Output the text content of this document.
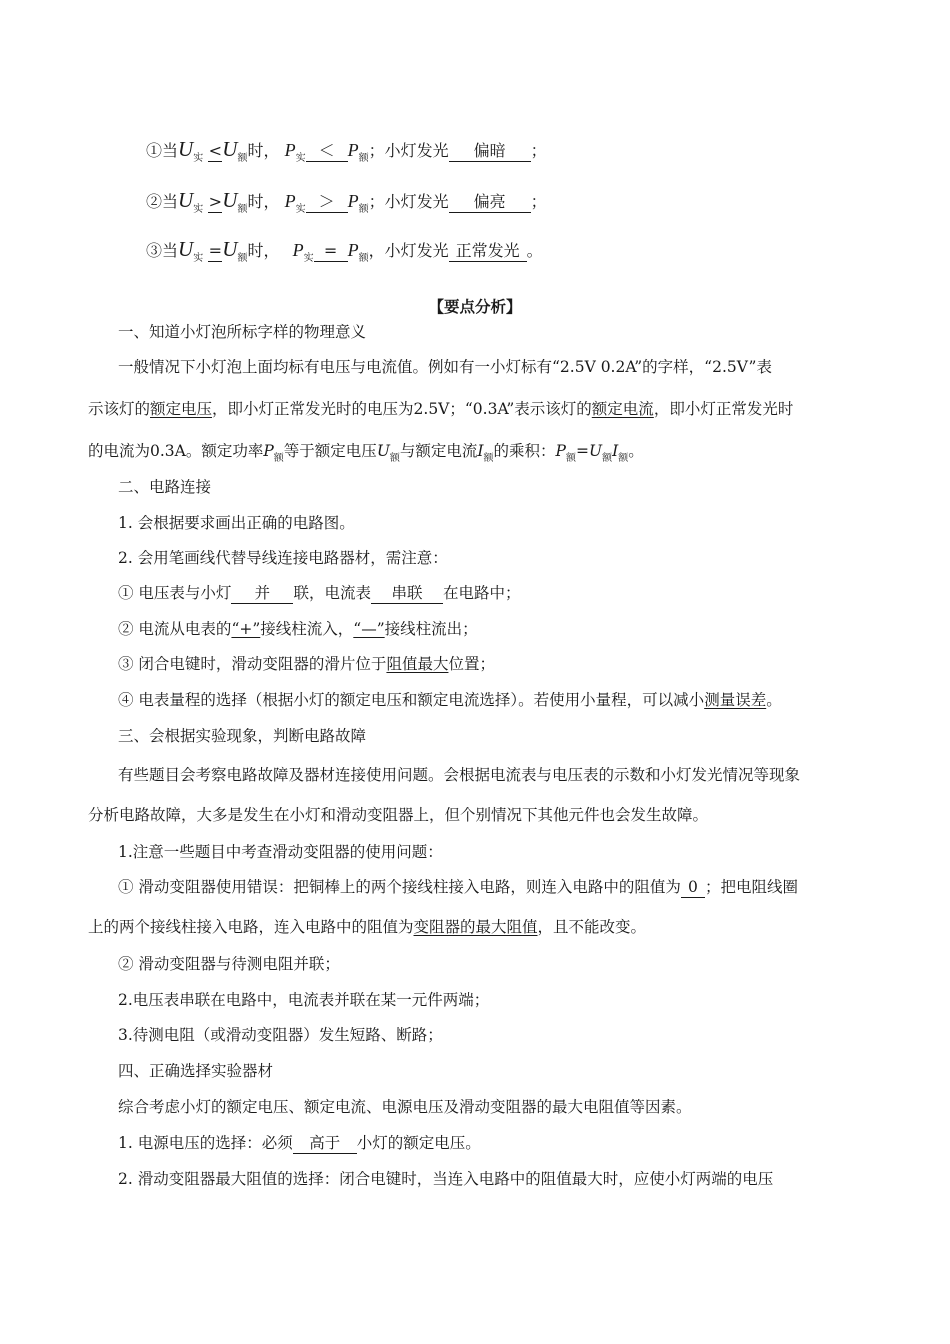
①当$U_实 <U_额$时， $P_实 < P_额$；小灯发光 偏暗 ；
②当$U_实 >U_额$时， $P_实 > P_额$；小灯发光 偏亮 ；
③当$U_实 =U_额$时， $P_实 = P_额$，小灯发光 正常发光 。
【要点分析】
一、知道小灯泡所标字样的物理意义
一般情况下小灯泡上面均标有电压与电流值。例如有一小灯标有“2.5V 0.2A”的字样，“2.5V”表
示该灯的额定电压，即小灯正常发光时的电压为2.5V；“0.3A”表示该灯的额定电流，即小灯正常发光时
的电流为0.3A。额定功率$P_额$等于额定电压$U_额$与额定电流$I_额$的乘积：$P_额=U_额I_额$。
二、电路连接
1. 会根据要求画出正确的电路图。
2. 会用笔画线代替导线连接电路器材，需注意：
① 电压表与小灯 并 联，电流表 串联 在电路中；
② 电流从电表的“+”接线柱流入，“—”接线柱流出；
③ 闭合电键时，滑动变阻器的滑片位于阻值最大位置；
④ 电表量程的选择（根据小灯的额定电压和额定电流选择）。若使用小量程，可以减小测量误差。
三、会根据实验现象，判断电路故障
有些题目会考察电路故障及器材连接使用问题。会根据电流表与电压表的示数和小灯发光情况等现象
分析电路故障，大多是发生在小灯和滑动变阻器上，但个别情况下其他元件也会发生故障。
1.注意一些题目中考查滑动变阻器的使用问题：
① 滑动变阻器使用错误：把铜棒上的两个接线柱接入电路，则连入电路中的阻值为 0 ；把电阻线圈
上的两个接线柱接入电路，连入电路中的阻值为变阻器的最大阻值，且不能改变。
② 滑动变阻器与待测电阻并联；
2.电压表串联在电路中，电流表并联在某一元件两端；
3.待测电阻（或滑动变阻器）发生短路、断路；
四、正确选择实验器材
综合考虑小灯的额定电压、额定电流、电源电压及滑动变阻器的最大电阻值等因素。
1. 电源电压的选择：必须 高于 小灯的额定电压。
2. 滑动变阻器最大阻值的选择：闭合电键时，当连入电路中的阻值最大时，应使小灯两端的电压
